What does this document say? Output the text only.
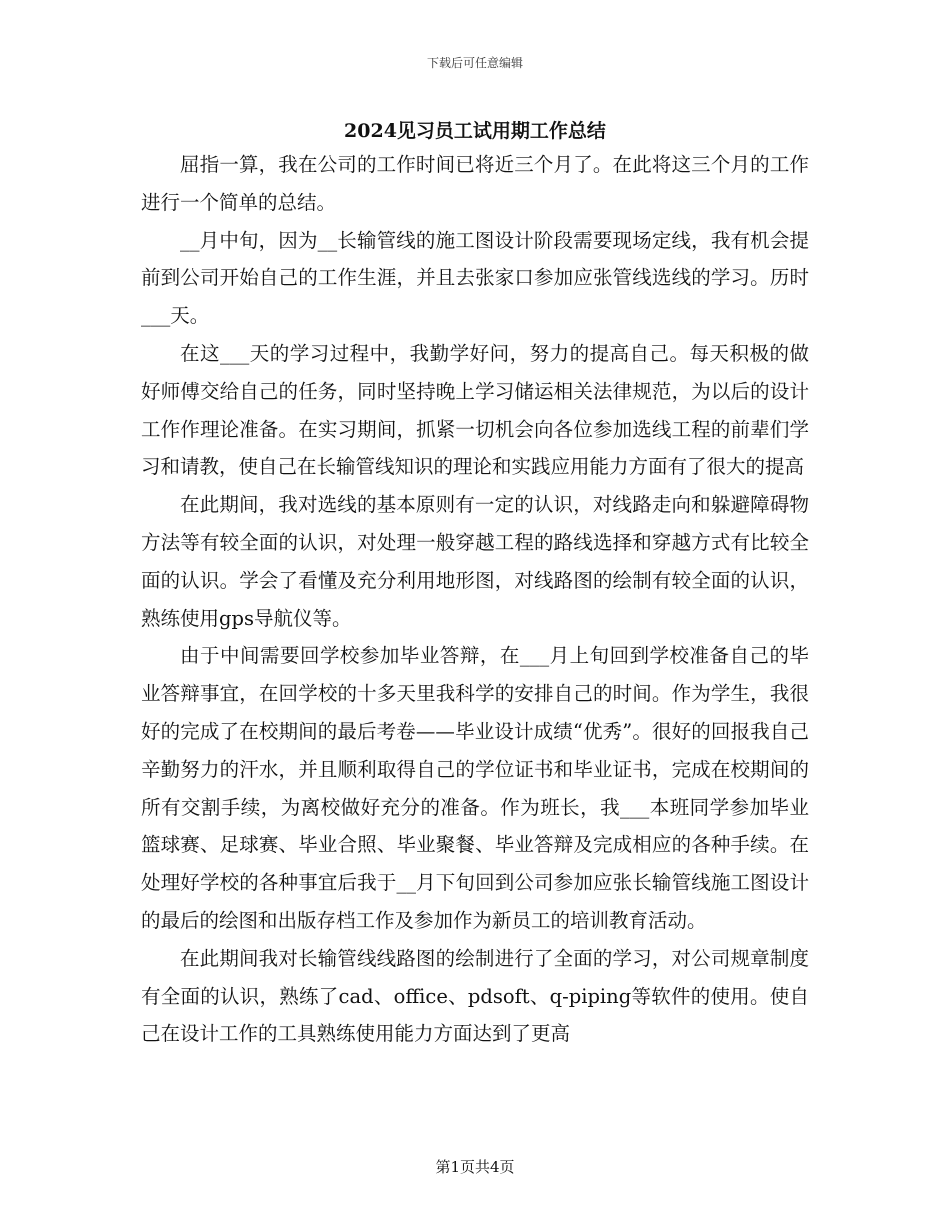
下载后可任意编辑
2024见习员工试用期工作总结

屈指一算，我在公司的工作时间已将近三个月了。在此将这三个月的工作进行一个简单的总结。

__月中旬，因为__长输管线的施工图设计阶段需要现场定线，我有机会提前到公司开始自己的工作生涯，并且去张家口参加应张管线选线的学习。历时___天。

在这___天的学习过程中，我勤学好问，努力的提高自己。每天积极的做好师傅交给自己的任务，同时坚持晚上学习储运相关法律规范，为以后的设计工作作理论准备。在实习期间，抓紧一切机会向各位参加选线工程的前辈们学习和请教，使自己在长输管线知识的理论和实践应用能力方面有了很大的提高

在此期间，我对选线的基本原则有一定的认识，对线路走向和躲避障碍物方法等有较全面的认识，对处理一般穿越工程的路线选择和穿越方式有比较全面的认识。学会了看懂及充分利用地形图，对线路图的绘制有较全面的认识，熟练使用gps导航仪等。

由于中间需要回学校参加毕业答辩，在___月上旬回到学校准备自己的毕业答辩事宜，在回学校的十多天里我科学的安排自己的时间。作为学生，我很好的完成了在校期间的最后考卷——毕业设计成绩“优秀”。很好的回报我自己辛勤努力的汗水，并且顺利取得自己的学位证书和毕业证书，完成在校期间的所有交割手续，为离校做好充分的准备。作为班长，我___本班同学参加毕业篮球赛、足球赛、毕业合照、毕业聚餐、毕业答辩及完成相应的各种手续。在处理好学校的各种事宜后我于__月下旬回到公司参加应张长输管线施工图设计的最后的绘图和出版存档工作及参加作为新员工的培训教育活动。

在此期间我对长输管线线路图的绘制进行了全面的学习，对公司规章制度有全面的认识，熟练了cad、office、pdsoft、q-piping等软件的使用。使自己在设计工作的工具熟练使用能力方面达到了更高

第1页共4页
